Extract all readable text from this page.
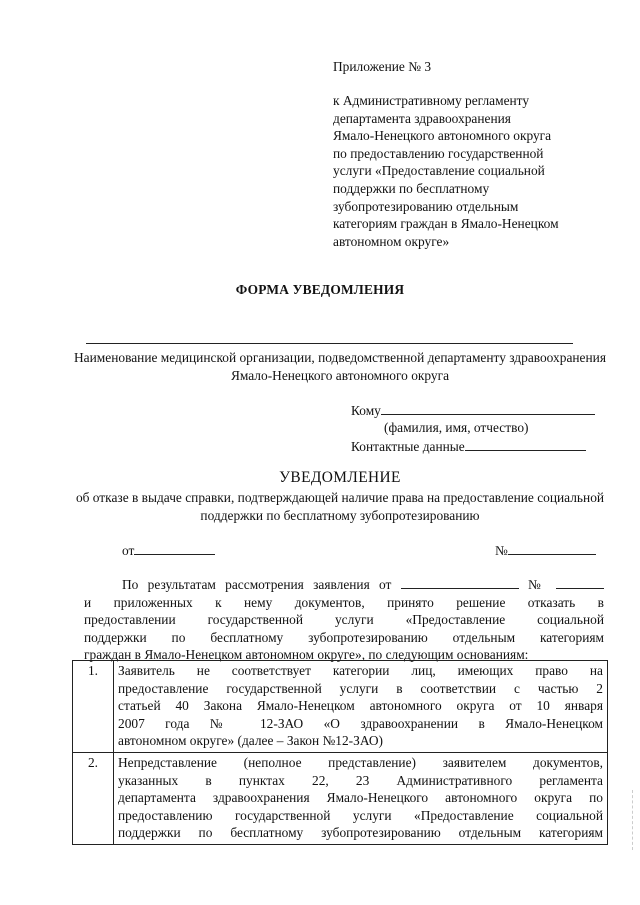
Приложение № 3
к Административному регламенту
департамента здравоохранения
Ямало-Ненецкого автономного округа
по предоставлению государственной
услуги «Предоставление социальной
поддержки по бесплатному
зубопротезированию отдельным
категориям граждан в Ямало-Ненецком
автономном округе»
ФОРМА УВЕДОМЛЕНИЯ
Наименование медицинской организации, подведомственной департаменту здравоохранения Ямало-Ненецкого автономного округа
Кому
(фамилия, имя, отчество)
Контактные данные
УВЕДОМЛЕНИЕ
об отказе в выдаче справки, подтверждающей наличие права на предоставление социальной поддержки по бесплатному зубопротезированию
от	№
По результатам рассмотрения заявления от	№
и приложенных к нему документов, принято решение отказать в
предоставлении государственной услуги «Предоставление социальной
поддержки по бесплатному зубопротезированию отдельным категориям
граждан в Ямало-Ненецком автономном округе», по следующим основаниям:
1.	Заявитель не соответствует категории лиц, имеющих право на
предоставление государственной услуги в соответствии с частью 2
статьей 40 Закона Ямало-Ненецком автономного округа от 10 января
2007 года № 12-ЗАО «О здравоохранении в Ямало-Ненецком
автономном округе» (далее – Закон №12-ЗАО)

2.	Непредставление (неполное представление) заявителем документов,
указанных в пунктах 22, 23 Административного регламента
департамента здравоохранения Ямало-Ненецкого автономного округа по
предоставлению государственной услуги «Предоставление социальной
поддержки по бесплатному зубопротезированию отдельным категориям
